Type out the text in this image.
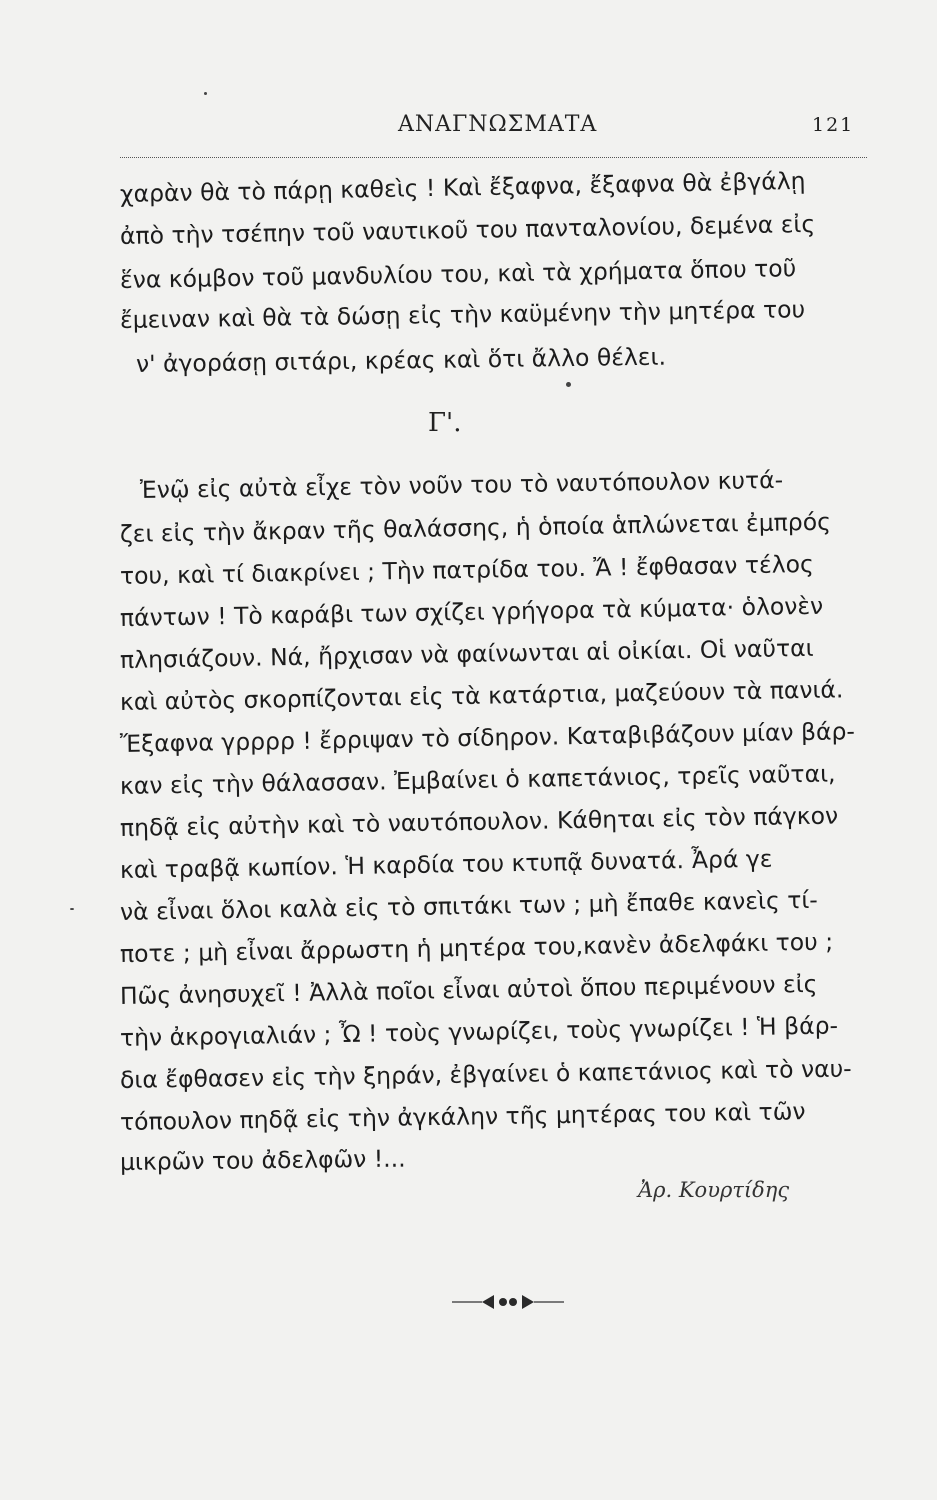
ΑΝΑΓΝΩΣΜΑΤΑ	121
χαρὰν θὰ τὸ πάρῃ καθεὶς ! Καὶ ἔξαφνα, ἔξαφνα θὰ ἐβγάλῃ
ἀπὸ τὴν τσέπην τοῦ ναυτικοῦ του πανταλονίου, δεμένα εἰς
ἕνα κόμβον τοῦ μανδυλίου του, καὶ τὰ χρήματα ὅπου τοῦ
ἔμειναν καὶ θὰ τὰ δώσῃ εἰς τὴν καϋμένην τὴν μητέρα του
ν' ἀγοράσῃ σιτάρι, κρέας καὶ ὅτι ἄλλο θέλει.
Ἐνῷ εἰς αὐτὰ εἶχε τὸν νοῦν του τὸ ναυτόπουλον κυτά-
ζει εἰς τὴν ἄκραν τῆς θαλάσσης, ἡ ὁποία ἁπλώνεται ἐμπρός
του, καὶ τί διακρίνει ; Τὴν πατρίδα του. Ἄ ! ἔφθασαν τέλος
πάντων ! Τὸ καράβι των σχίζει γρήγορα τὰ κύματα· ὁλονὲν
πλησιάζουν. Νά, ἤρχισαν νὰ φαίνωνται αἱ οἰκίαι. Οἱ ναῦται
καὶ αὐτὸς σκορπίζονται εἰς τὰ κατάρτια, μαζεύουν τὰ πανιά.
Ἔξαφνα γρρρρ ! ἔρριψαν τὸ σίδηρον. Καταβιβάζουν μίαν βάρ-
καν εἰς τὴν θάλασσαν. Ἐμβαίνει ὁ καπετάνιος, τρεῖς ναῦται,
πηδᾷ εἰς αὐτὴν καὶ τὸ ναυτόπουλον. Κάθηται εἰς τὸν πάγκον
καὶ τραβᾷ κωπίον. Ἡ καρδία του κτυπᾷ δυνατά. Ἆρά γε
νὰ εἶναι ὅλοι καλὰ εἰς τὸ σπιτάκι των ; μὴ ἔπαθε κανεὶς τί-
ποτε ; μὴ εἶναι ἄρρωστη ἡ μητέρα του,κανὲν ἀδελφάκι του ;
Πῶς ἀνησυχεῖ ! Ἀλλὰ ποῖοι εἶναι αὐτοὶ ὅπου περιμένουν εἰς
τὴν ἀκρογιαλιάν ; Ὦ ! τοὺς γνωρίζει, τοὺς γνωρίζει ! Ἡ βάρ-
δια ἔφθασεν εἰς τὴν ξηράν, ἐβγαίνει ὁ καπετάνιος καὶ τὸ ναυ-
τόπουλον πηδᾷ εἰς τὴν ἀγκάλην τῆς μητέρας του καὶ τῶν
μικρῶν του ἀδελφῶν !...
Γ'.
Ἀρ. Κουρτίδης
